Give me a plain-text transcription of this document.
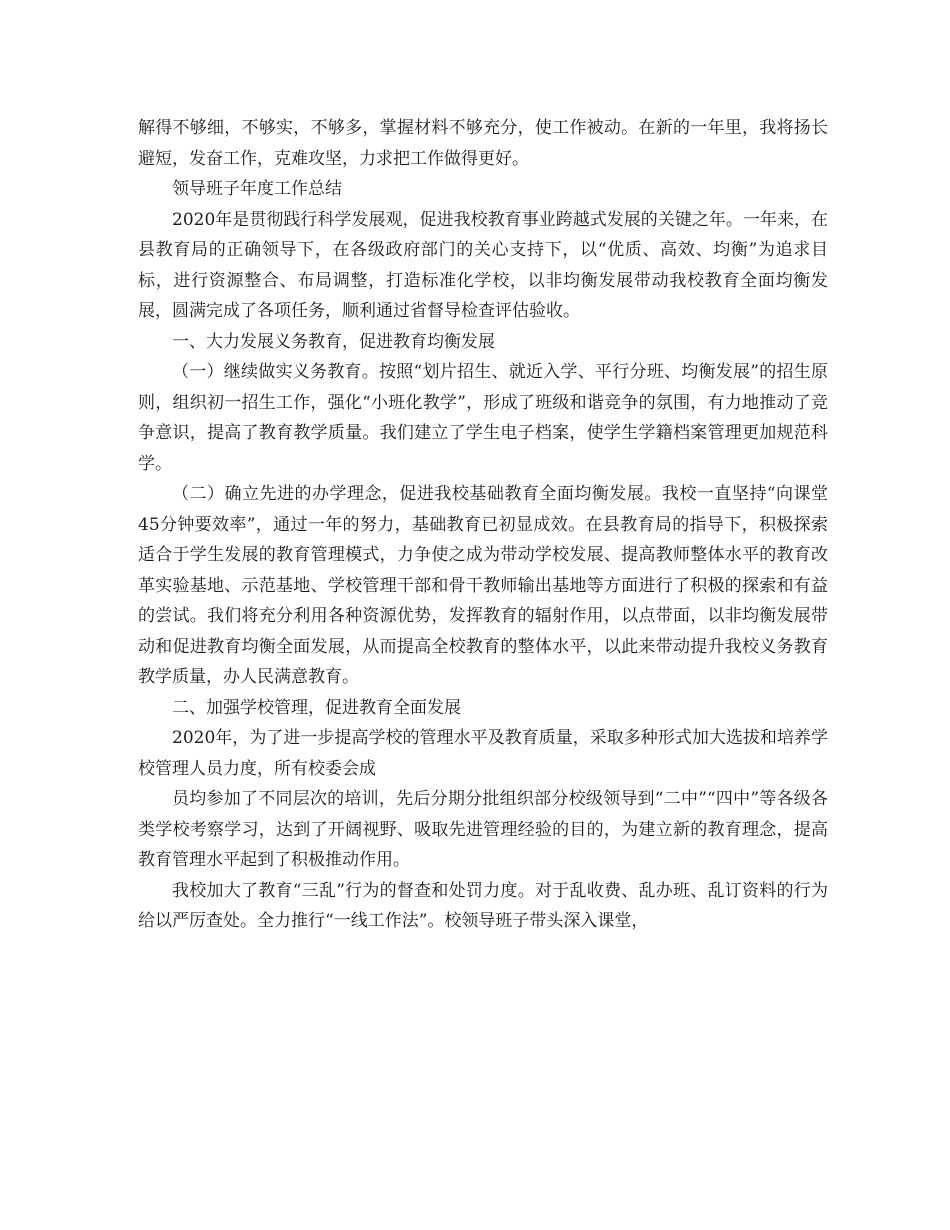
解得不够细，不够实，不够多，掌握材料不够充分，使工作被动。在新的一年里，我将扬长避短，发奋工作，克难攻坚，力求把工作做得更好。

领导班子年度工作总结

2020年是贯彻践行科学发展观，促进我校教育事业跨越式发展的关键之年。一年来，在县教育局的正确领导下，在各级政府部门的关心支持下，以“优质、高效、均衡”为追求目标，进行资源整合、布局调整，打造标准化学校，以非均衡发展带动我校教育全面均衡发展，圆满完成了各项任务，顺利通过省督导检查评估验收。

一、大力发展义务教育，促进教育均衡发展

（一）继续做实义务教育。按照“划片招生、就近入学、平行分班、均衡发展”的招生原则，组织初一招生工作，强化“小班化教学”，形成了班级和谐竞争的氛围，有力地推动了竞争意识，提高了教育教学质量。我们建立了学生电子档案，使学生学籍档案管理更加规范科学。

（二）确立先进的办学理念，促进我校基础教育全面均衡发展。我校一直坚持“向课堂45分钟要效率”，通过一年的努力，基础教育已初显成效。在县教育局的指导下，积极探索适合于学生发展的教育管理模式，力争使之成为带动学校发展、提高教师整体水平的教育改革实验基地、示范基地、学校管理干部和骨干教师输出基地等方面进行了积极的探索和有益的尝试。我们将充分利用各种资源优势，发挥教育的辐射作用，以点带面，以非均衡发展带动和促进教育均衡全面发展，从而提高全校教育的整体水平，以此来带动提升我校义务教育教学质量，办人民满意教育。

二、加强学校管理，促进教育全面发展

2020年，为了进一步提高学校的管理水平及教育质量，采取多种形式加大选拔和培养学校管理人员力度，所有校委会成

员均参加了不同层次的培训，先后分期分批组织部分校级领导到“二中”“四中”等各级各类学校考察学习，达到了开阔视野、吸取先进管理经验的目的，为建立新的教育理念，提高教育管理水平起到了积极推动作用。

我校加大了教育“三乱”行为的督查和处罚力度。对于乱收费、乱办班、乱订资料的行为给以严厉查处。全力推行“一线工作法”。校领导班子带头深入课堂，
